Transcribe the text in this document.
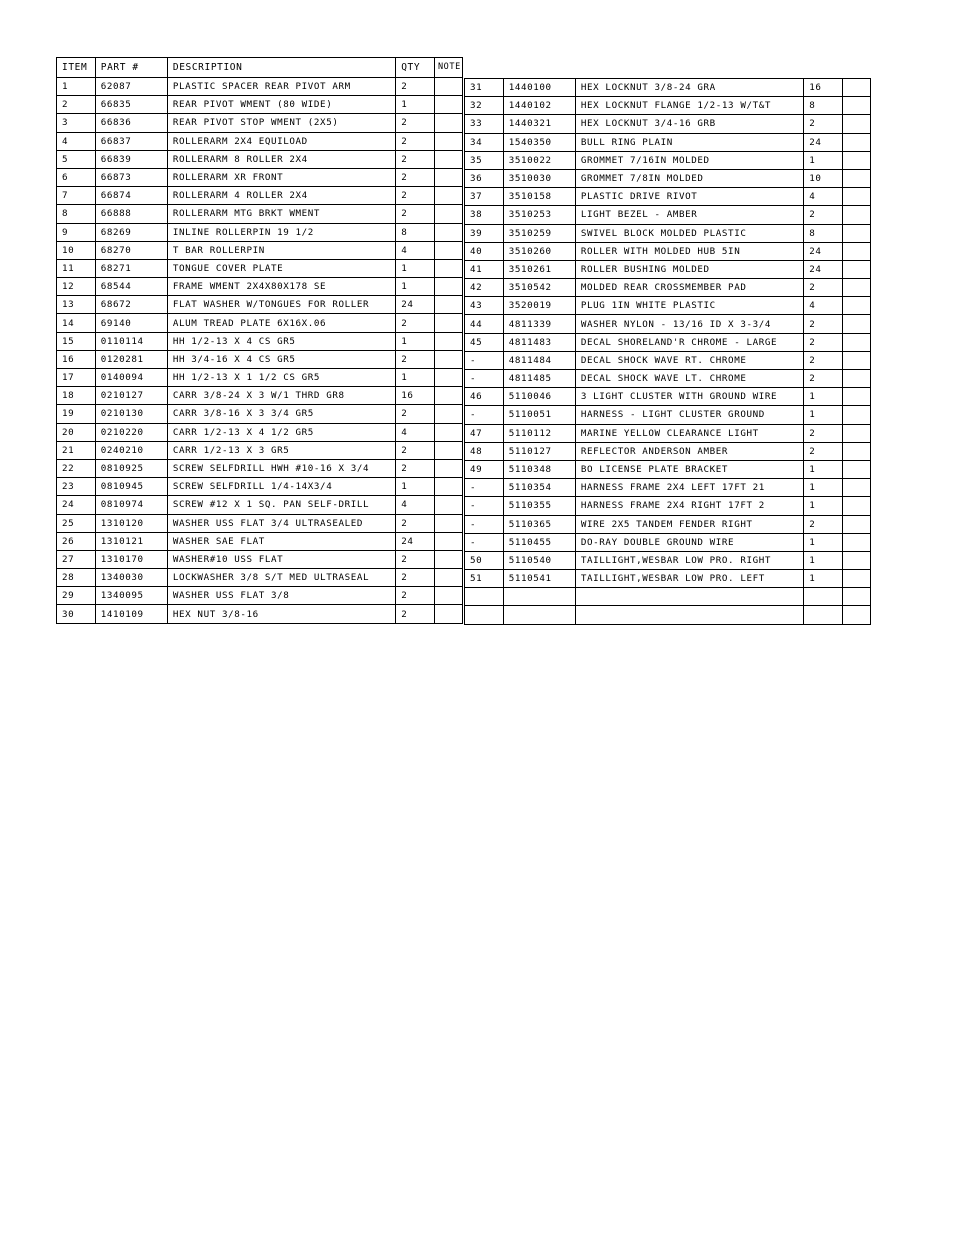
ITEM	PART #	DESCRIPTION	QTY	NOTE
1	62087	PLASTIC SPACER REAR PIVOT ARM	2	
2	66835	REAR PIVOT WMENT (80 WIDE)	1	
3	66836	REAR PIVOT STOP WMENT (2X5)	2	
4	66837	ROLLERARM 2X4 EQUILOAD	2	
5	66839	ROLLERARM 8 ROLLER 2X4	2	
6	66873	ROLLERARM XR FRONT	2	
7	66874	ROLLERARM 4 ROLLER 2X4	2	
8	66888	ROLLERARM MTG BRKT WMENT	2	
9	68269	INLINE ROLLERPIN 19 1/2	8	
10	68270	T BAR ROLLERPIN	4	
11	68271	TONGUE COVER PLATE	1	
12	68544	FRAME WMENT 2X4X80X178 SE	1	
13	68672	FLAT WASHER W/TONGUES FOR ROLLER	24	
14	69140	ALUM TREAD PLATE 6X16X.06	2	
15	0110114	HH 1/2-13 X 4 CS GR5	1	
16	0120281	HH 3/4-16 X 4 CS GR5	2	
17	0140094	HH 1/2-13 X 1 1/2 CS GR5	1	
18	0210127	CARR 3/8-24 X 3 W/1 THRD GR8	16	
19	0210130	CARR 3/8-16 X 3 3/4 GR5	2	
20	0210220	CARR 1/2-13 X 4 1/2 GR5	4	
21	0240210	CARR 1/2-13 X 3 GR5	2	
22	0810925	SCREW SELFDRILL HWH #10-16 X 3/4	2	
23	0810945	SCREW SELFDRILL 1/4-14X3/4	1	
24	0810974	SCREW #12 X 1 SQ. PAN SELF-DRILL	4	
25	1310120	WASHER USS FLAT 3/4 ULTRASEALED	2	
26	1310121	WASHER SAE FLAT	24	
27	1310170	WASHER#10 USS FLAT	2	
28	1340030	LOCKWASHER 3/8 S/T MED ULTRASEAL	2	
29	1340095	WASHER USS FLAT 3/8	2	
30	1410109	HEX NUT 3/8-16	2	
31	1440100	HEX LOCKNUT 3/8-24 GRA	16	
32	1440102	HEX LOCKNUT FLANGE 1/2-13 W/T&T	8	
33	1440321	HEX LOCKNUT 3/4-16 GRB	2	
34	1540350	BULL RING PLAIN	24	
35	3510022	GROMMET 7/16IN MOLDED	1	
36	3510030	GROMMET 7/8IN MOLDED	10	
37	3510158	PLASTIC DRIVE RIVOT	4	
38	3510253	LIGHT BEZEL - AMBER	2	
39	3510259	SWIVEL BLOCK MOLDED PLASTIC	8	
40	3510260	ROLLER WITH MOLDED HUB 5IN	24	
41	3510261	ROLLER BUSHING MOLDED	24	
42	3510542	MOLDED REAR CROSSMEMBER PAD	2	
43	3520019	PLUG 1IN WHITE PLASTIC	4	
44	4811339	WASHER NYLON - 13/16 ID X 3-3/4	2	
45	4811483	DECAL SHORELAND'R CHROME - LARGE	2	
-	4811484	DECAL SHOCK WAVE RT. CHROME	2	
-	4811485	DECAL SHOCK WAVE LT. CHROME	2	
46	5110046	3 LIGHT CLUSTER WITH GROUND WIRE	1	
-	5110051	HARNESS - LIGHT CLUSTER GROUND	1	
47	5110112	MARINE YELLOW CLEARANCE LIGHT	2	
48	5110127	REFLECTOR ANDERSON AMBER	2	
49	5110348	BO LICENSE PLATE BRACKET	1	
-	5110354	HARNESS FRAME 2X4 LEFT 17FT 21	1	
-	5110355	HARNESS FRAME 2X4 RIGHT 17FT 2	1	
-	5110365	WIRE 2X5 TANDEM FENDER RIGHT	2	
-	5110455	DO-RAY DOUBLE GROUND WIRE	1	
50	5110540	TAILLIGHT,WESBAR LOW PRO. RIGHT	1	
51	5110541	TAILLIGHT,WESBAR LOW PRO. LEFT	1	
